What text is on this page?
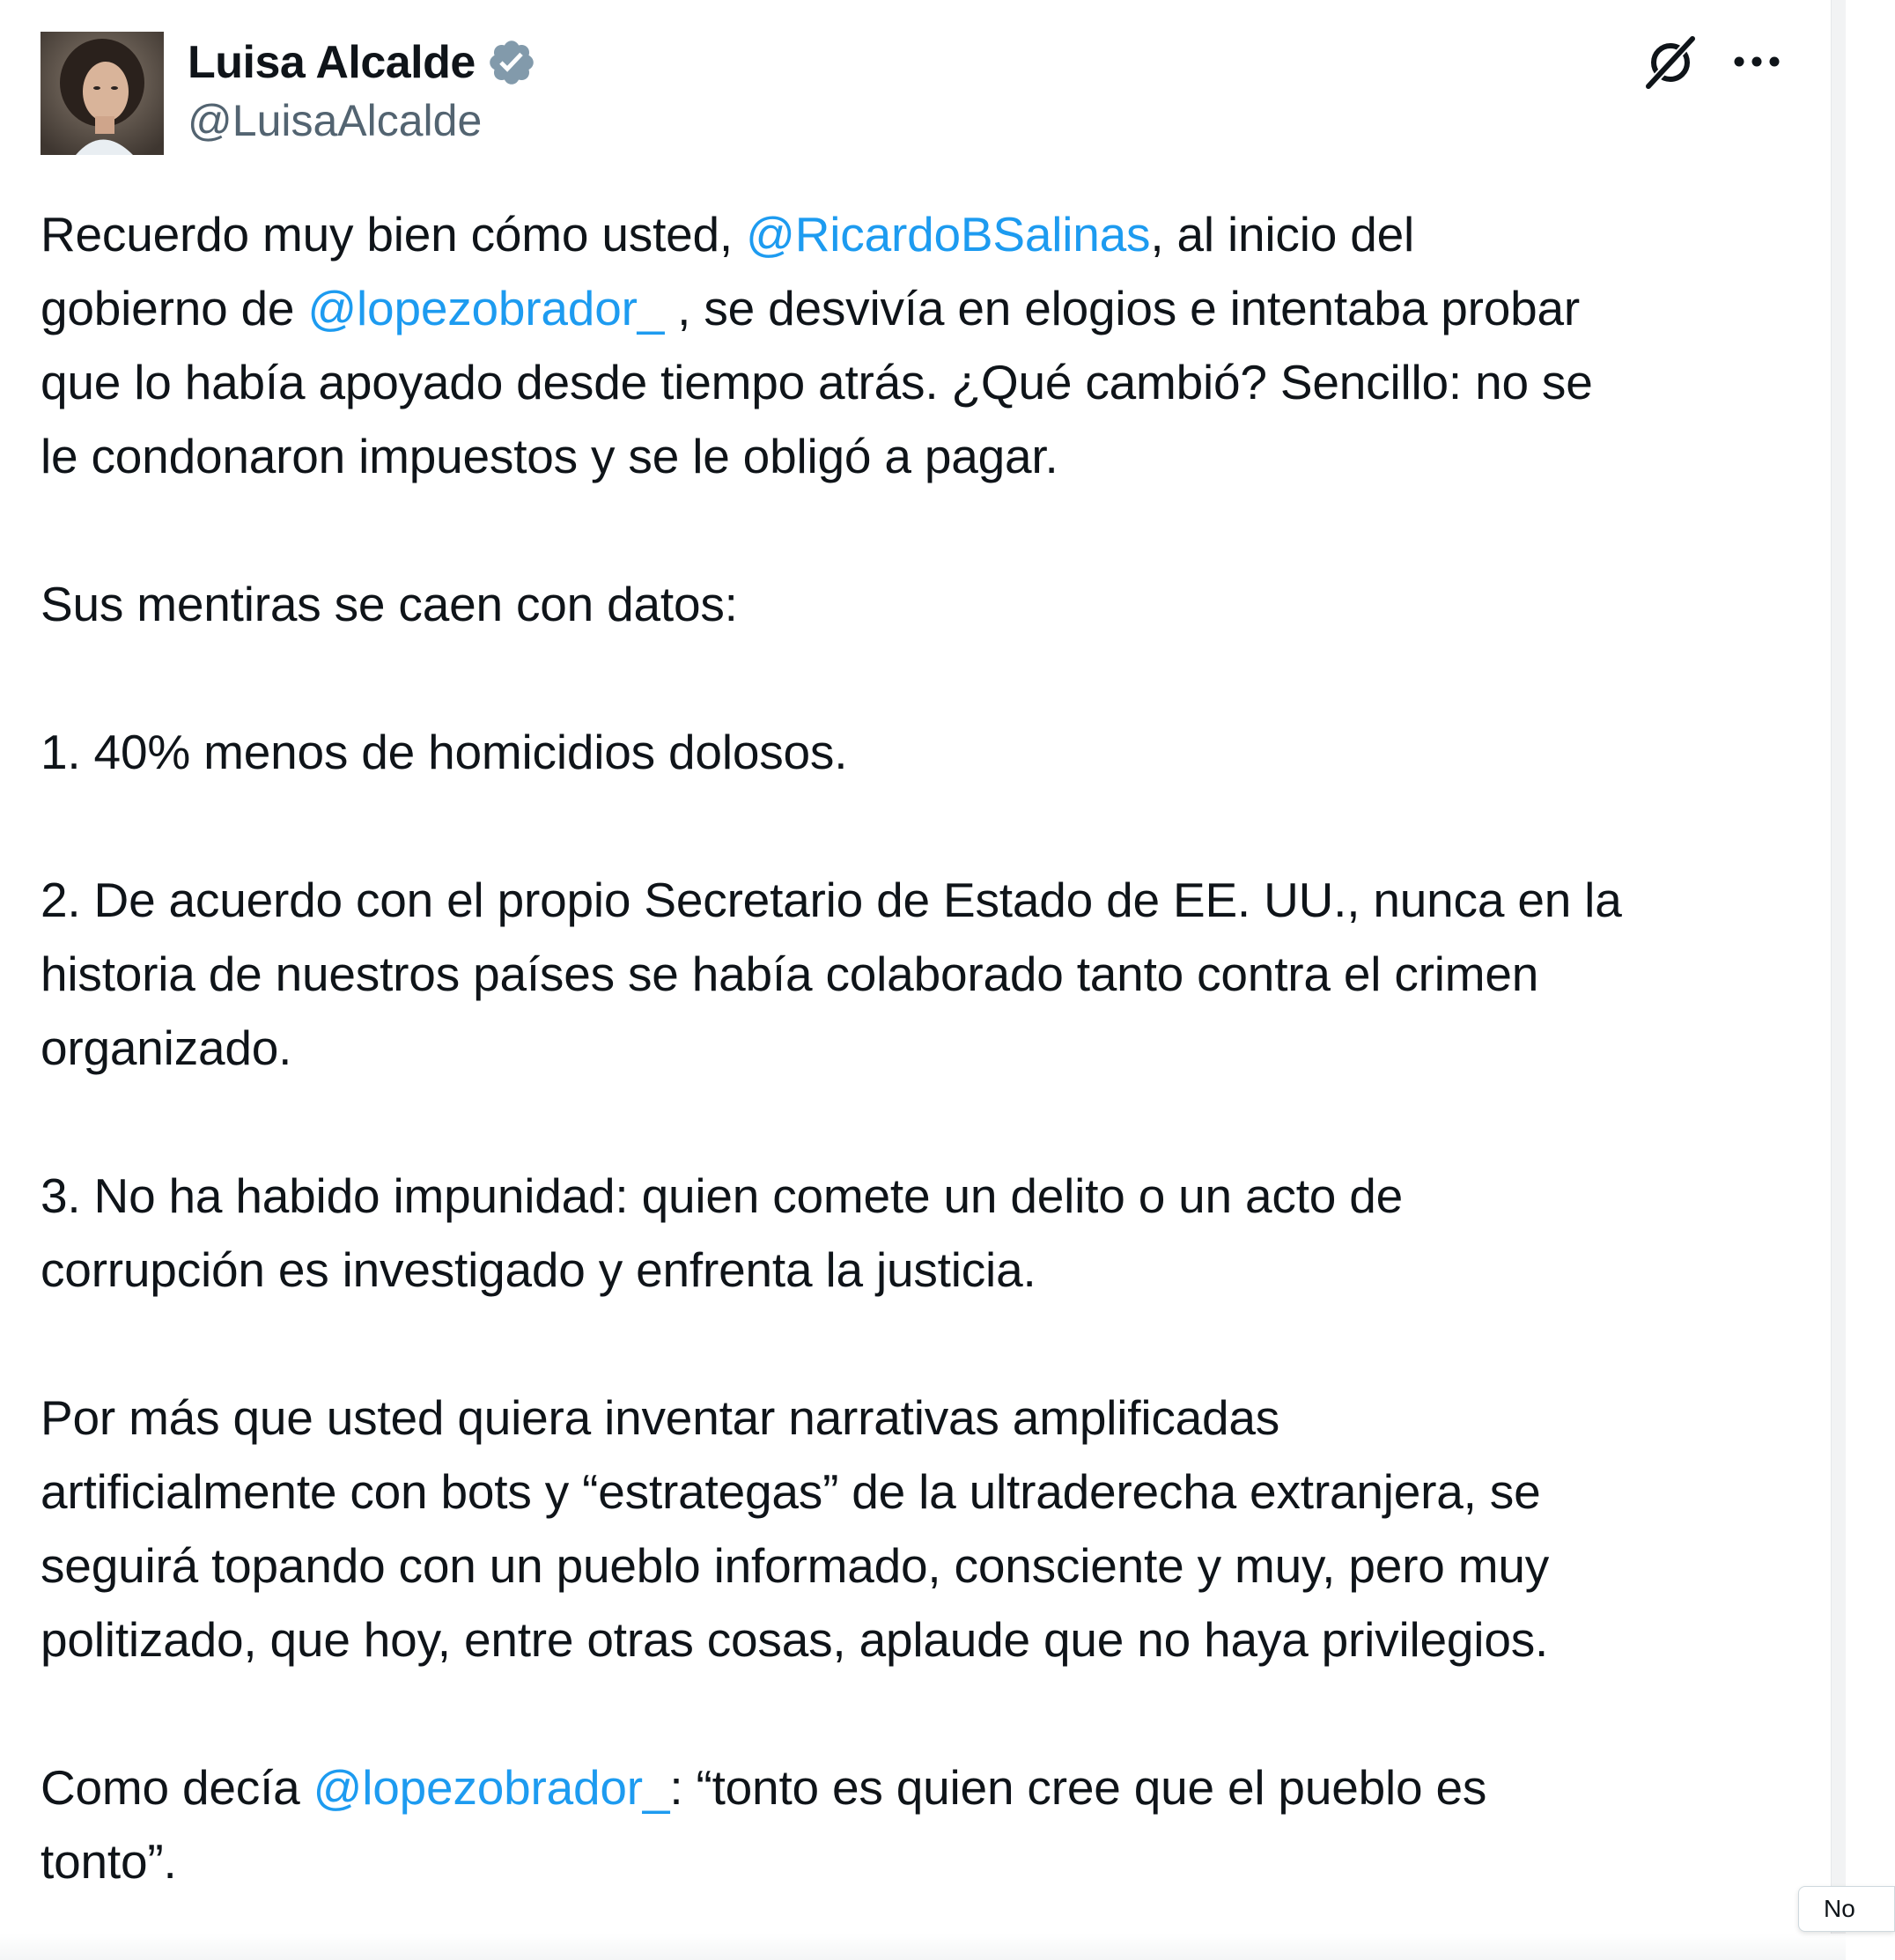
Luisa Alcalde
@LuisaAlcalde

Recuerdo muy bien cómo usted, @RicardoBSalinas, al inicio del

gobierno de @lopezobrador_ , se desvivía en elogios e intentaba probar

que lo había apoyado desde tiempo atrás. ¿Qué cambió? Sencillo: no se

le condonaron impuestos y se le obligó a pagar.

Sus mentiras se caen con datos:

1. 40% menos de homicidios dolosos.

2. De acuerdo con el propio Secretario de Estado de EE. UU., nunca en la

historia de nuestros países se había colaborado tanto contra el crimen

organizado.

3. No ha habido impunidad: quien comete un delito o un acto de

corrupción es investigado y enfrenta la justicia.

Por más que usted quiera inventar narrativas amplificadas

artificialmente con bots y “estrategas” de la ultraderecha extranjera, se

seguirá topando con un pueblo informado, consciente y muy, pero muy

politizado, que hoy, entre otras cosas, aplaude que no haya privilegios.

Como decía @lopezobrador_: “tonto es quien cree que el pueblo es

tonto”.

No
